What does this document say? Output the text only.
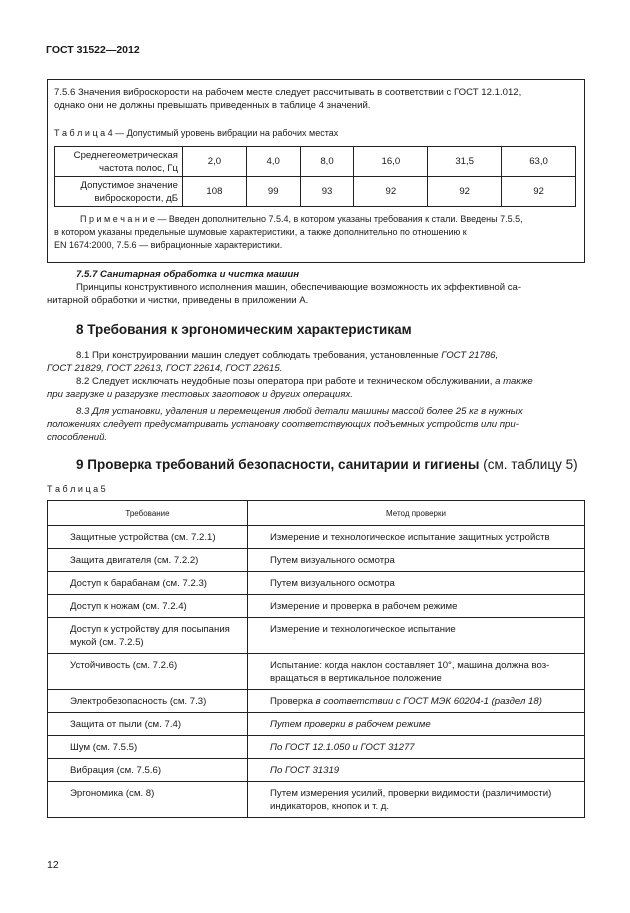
ГОСТ 31522—2012
7.5.6 Значения виброскорости на рабочем месте следует рассчитывать в соответствии с ГОСТ 12.1.012,
однако они не должны превышать приведенных в таблице 4 значений.
Т а б л и ц а 4 — Допустимый уровень вибрации на рабочих местах
Среднегеометрическая
частота полос, Гц	2,0	4,0	8,0	16,0	31,5	63,0

Допустимое значение
виброскорости, дБ	108	99	93	92	92	92
П р и м е ч а н и е — Введен дополнительно 7.5.4, в котором указаны требования к стали. Введены 7.5.5,
в котором указаны предельные шумовые характеристики, а также дополнительно по отношению к
EN 1674:2000, 7.5.6 — вибрационные характеристики.
7.5.7 Санитарная обработка и чистка машин
Принципы конструктивного исполнения машин, обеспечивающие возможность их эффективной са-
нитарной обработки и чистки, приведены в приложении А.
8 Требования к эргономическим характеристикам
8.1 При конструировании машин следует соблюдать требования, установленные ГОСТ 21786,
ГОСТ 21829, ГОСТ 22613, ГОСТ 22614, ГОСТ 22615.
8.2 Следует исключать неудобные позы оператора при работе и техническом обслуживании, а также
при загрузке и разгрузке тестовых заготовок и других операциях.
8.3 Для установки, удаления и перемещения любой детали машины массой более 25 кг в нужных
положениях следует предусматривать установку соответствующих подъемных устройств или при-
способлений.
9 Проверка требований безопасности, санитарии и гигиены (см. таблицу 5)
Т а б л и ц а 5
Требование	Метод проверки
Защитные устройства (см. 7.2.1)	Измерение и технологическое испытание защитных устройств
Защита двигателя (см. 7.2.2)	Путем визуального осмотра
Доступ к барабанам (см. 7.2.3)	Путем визуального осмотра
Доступ к ножам (см. 7.2.4)	Измерение и проверка в рабочем режиме
Доступ к устройству для посыпания мукой (см. 7.2.5)	Измерение и технологическое испытание
Устойчивость (см. 7.2.6)	Испытание: когда наклон составляет 10°, машина должна воз-вращаться в вертикальное положение
Электробезопасность (см. 7.3)	Проверка в соответствии с ГОСТ МЭК 60204-1 (раздел 18)
Защита от пыли (см. 7.4)	Путем проверки в рабочем режиме
Шум (см. 7.5.5)	По ГОСТ 12.1.050 и ГОСТ 31277
Вибрация (см. 7.5.6)	По ГОСТ 31319
Эргономика (см. 8)	Путем измерения усилий, проверки видимости (различимости) индикаторов, кнопок и т. д.
12
